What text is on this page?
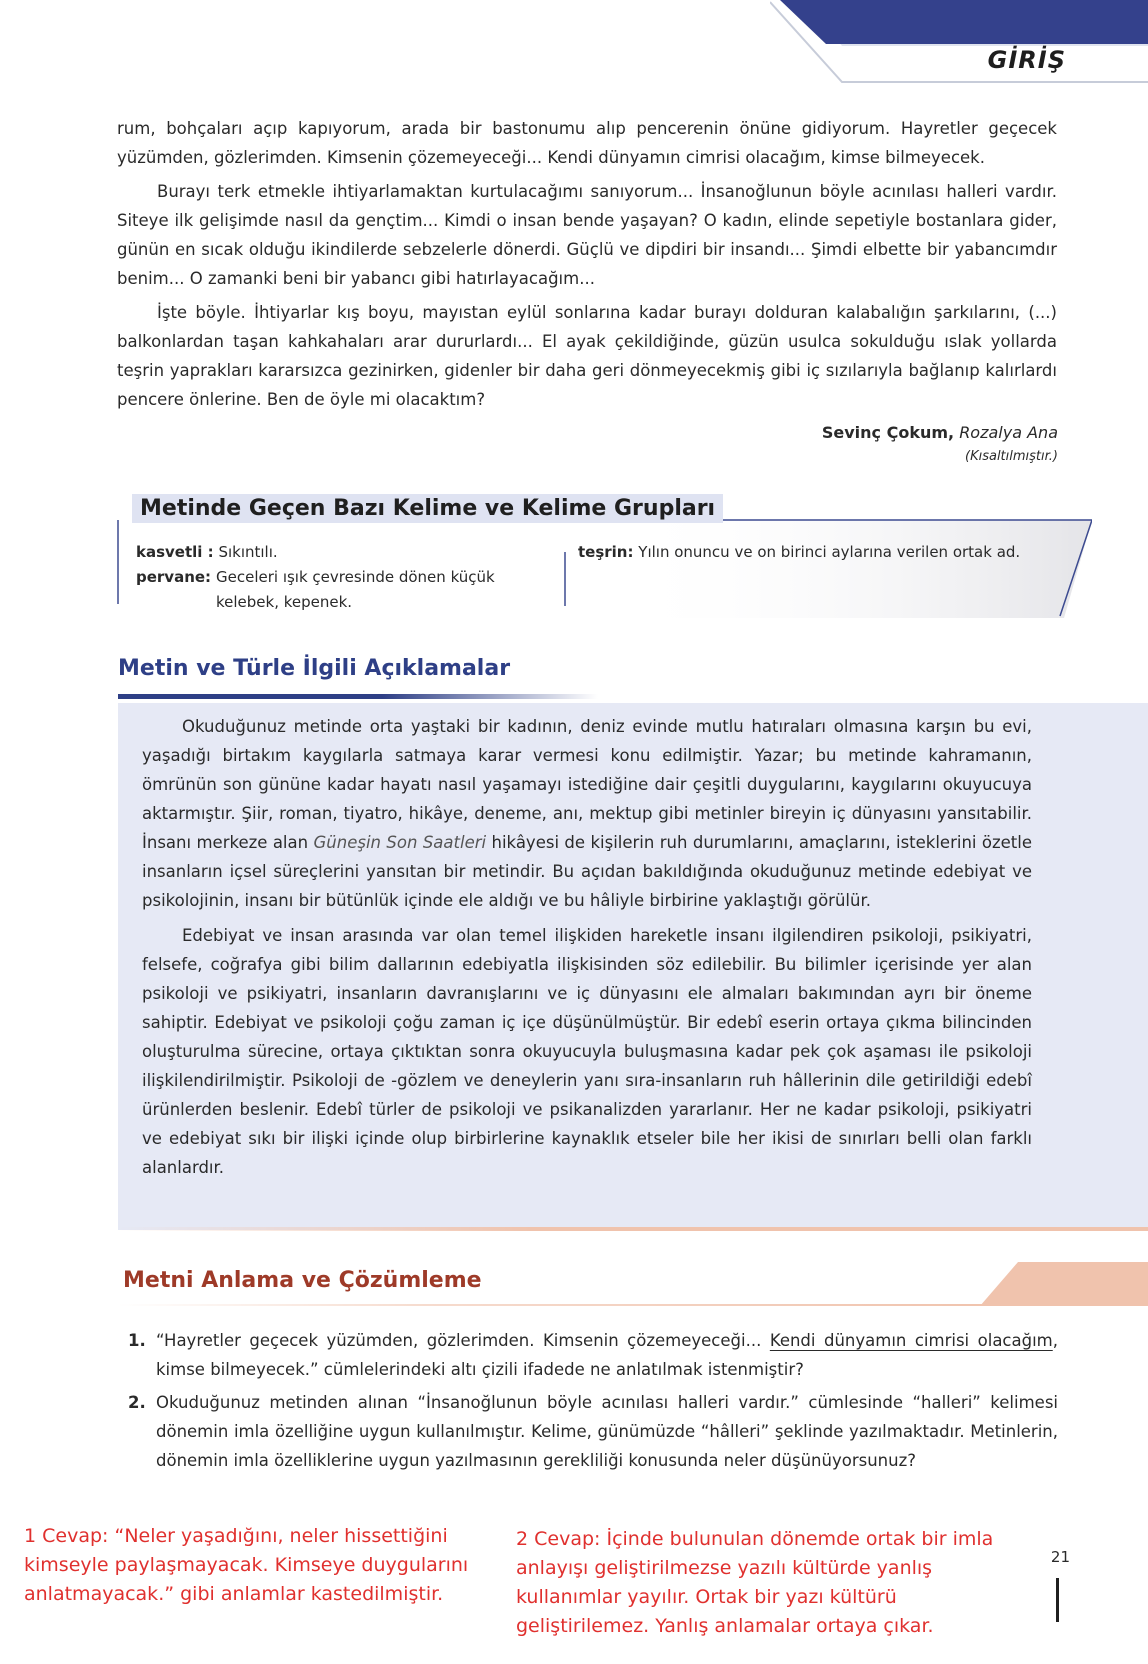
GİRİŞ

rum, bohçaları açıp kapıyorum, arada bir bastonumu alıp pencerenin önüne gidiyorum. Hayretler geçecek yüzümden, gözlerimden. Kimsenin çözemeyeceği... Kendi dünyamın cimrisi olacağım, kimse bilmeyecek.

Burayı terk etmekle ihtiyarlamaktan kurtulacağımı sanıyorum... İnsanoğlunun böyle acınılası halleri vardır. Siteye ilk gelişimde nasıl da gençtim... Kimdi o insan bende yaşayan? O kadın, elinde sepetiyle bostanlara gider, günün en sıcak olduğu ikindilerde sebzelerle dönerdi. Güçlü ve dipdiri bir insandı... Şimdi elbette bir yabancımdır benim... O zamanki beni bir yabancı gibi hatırlayacağım...

İşte böyle. İhtiyarlar kış boyu, mayıstan eylül sonlarına kadar burayı dolduran kalabalığın şarkılarını, (...) balkonlardan taşan kahkahaları arar dururlardı... El ayak çekildiğinde, güzün usulca sokulduğu ıslak yollarda teşrin yaprakları kararsızca gezinirken, gidenler bir daha geri dönmeyecekmiş gibi iç sızılarıyla bağlanıp kalırlardı pencere önlerine. Ben de öyle mi olacaktım?

Sevinç Çokum, Rozalya Ana
(Kısaltılmıştır.)
Metinde Geçen Bazı Kelime ve Kelime Grupları
kasvetli : Sıkıntılı.
pervane: Geceleri ışık çevresinde dönen küçük kelebek, kepenek.
teşrin: Yılın onuncu ve on birinci aylarına verilen ortak ad.
Metin ve Türle İlgili Açıklamalar

Okuduğunuz metinde orta yaştaki bir kadının, deniz evinde mutlu hatıraları olmasına karşın bu evi, yaşadığı birtakım kaygılarla satmaya karar vermesi konu edilmiştir. Yazar; bu metinde kahramanın, ömrünün son gününe kadar hayatı nasıl yaşamayı istediğine dair çeşitli duygularını, kaygılarını okuyucuya aktarmıştır. Şiir, roman, tiyatro, hikâye, deneme, anı, mektup gibi metinler bireyin iç dünyasını yansıtabilir. İnsanı merkeze alan Güneşin Son Saatleri hikâyesi de kişilerin ruh durumlarını, amaçlarını, isteklerini özetle insanların içsel süreçlerini yansıtan bir metindir. Bu açıdan bakıldığında okuduğunuz metinde edebiyat ve psikolojinin, insanı bir bütünlük içinde ele aldığı ve bu hâliyle birbirine yaklaştığı görülür.

Edebiyat ve insan arasında var olan temel ilişkiden hareketle insanı ilgilendiren psikoloji, psikiyatri, felsefe, coğrafya gibi bilim dallarının edebiyatla ilişkisinden söz edilebilir. Bu bilimler içerisinde yer alan psikoloji ve psikiyatri, insanların davranışlarını ve iç dünyasını ele almaları bakımından ayrı bir öneme sahiptir. Edebiyat ve psikoloji çoğu zaman iç içe düşünülmüştür. Bir edebî eserin ortaya çıkma bilincinden oluşturulma sürecine, ortaya çıktıktan sonra okuyucuyla buluşmasına kadar pek çok aşaması ile psikoloji ilişkilendirilmiştir. Psikoloji de -gözlem ve deneylerin yanı sıra-insanların ruh hâllerinin dile getirildiği edebî ürünlerden beslenir. Edebî türler de psikoloji ve psikanalizden yararlanır. Her ne kadar psikoloji, psikiyatri ve edebiyat sıkı bir ilişki içinde olup birbirlerine kaynaklık etseler bile her ikisi de sınırları belli olan farklı alanlardır.

Metni Anlama ve Çözümleme

1. “Hayretler geçecek yüzümden, gözlerimden. Kimsenin çözemeyeceği... Kendi dünyamın cimrisi olacağım, kimse bilmeyecek.” cümlelerindeki altı çizili ifadede ne anlatılmak istenmiştir?

2. Okuduğunuz metinden alınan “İnsanoğlunun böyle acınılası halleri vardır.” cümlesinde “halleri” kelimesi dönemin imla özelliğine uygun kullanılmıştır. Kelime, günümüzde “hâlleri” şeklinde yazılmaktadır. Metinlerin, dönemin imla özelliklerine uygun yazılmasının gerekliliği konusunda neler düşünüyorsunuz?

1 Cevap: “Neler yaşadığını, neler hissettiğini kimseyle paylaşmayacak. Kimseye duygularını anlatmayacak.” gibi anlamlar kastedilmiştir.
2 Cevap: İçinde bulunulan dönemde ortak bir imla anlayışı geliştirilmezse yazılı kültürde yanlış kullanımlar yayılır. Ortak bir yazı kültürü geliştirilemez. Yanlış anlamalar ortaya çıkar.
21
